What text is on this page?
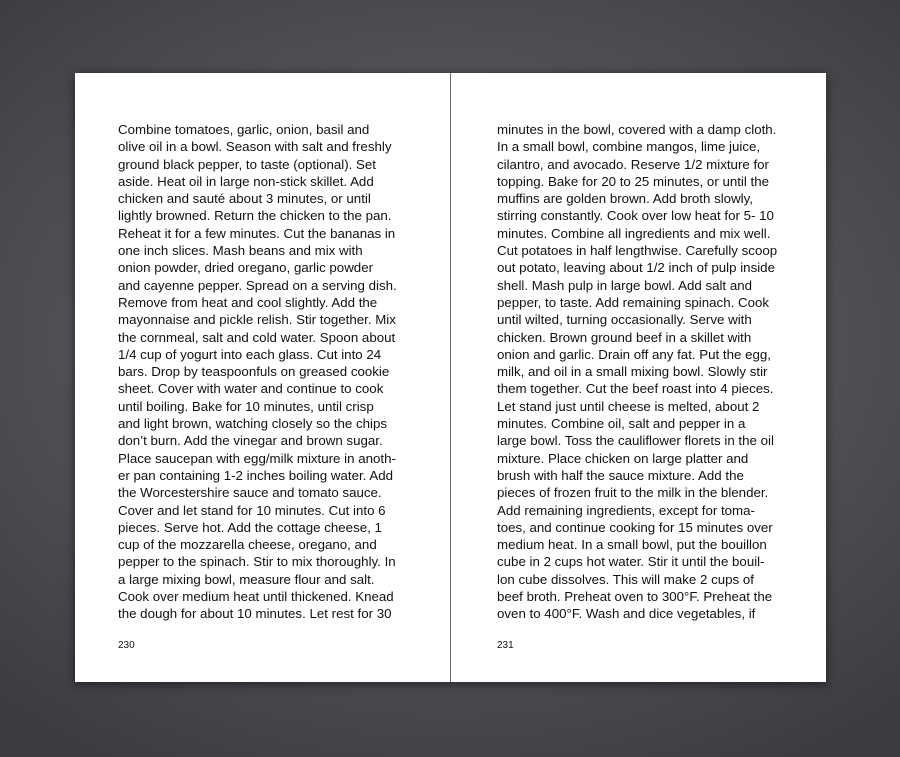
Combine tomatoes, garlic, onion, basil and
olive oil in a bowl. Season with salt and freshly
ground black pepper, to taste (optional). Set
aside. Heat oil in large non-stick skillet. Add
chicken and sauté about 3 minutes, or until
lightly browned. Return the chicken to the pan.
Reheat it for a few minutes. Cut the bananas in
one inch slices. Mash beans and mix with
onion powder, dried oregano, garlic powder
and cayenne pepper. Spread on a serving dish.
Remove from heat and cool slightly. Add the
mayonnaise and pickle relish. Stir together. Mix
the cornmeal, salt and cold water. Spoon about
1/4 cup of yogurt into each glass. Cut into 24
bars. Drop by teaspoonfuls on greased cookie
sheet. Cover with water and continue to cook
until boiling. Bake for 10 minutes, until crisp
and light brown, watching closely so the chips
don’t burn. Add the vinegar and brown sugar.
Place saucepan with egg/milk mixture in anoth-
er pan containing 1-2 inches boiling water. Add
the Worcestershire sauce and tomato sauce.
Cover and let stand for 10 minutes. Cut into 6
pieces. Serve hot. Add the cottage cheese, 1
cup of the mozzarella cheese, oregano, and
pepper to the spinach. Stir to mix thoroughly. In
a large mixing bowl, measure flour and salt.
Cook over medium heat until thickened. Knead
the dough for about 10 minutes. Let rest for 30
230
minutes in the bowl, covered with a damp cloth.
In a small bowl, combine mangos, lime juice,
cilantro, and avocado. Reserve 1/2 mixture for
topping. Bake for 20 to 25 minutes, or until the
muffins are golden brown. Add broth slowly,
stirring constantly. Cook over low heat for 5- 10
minutes. Combine all ingredients and mix well.
Cut potatoes in half lengthwise. Carefully scoop
out potato, leaving about 1/2 inch of pulp inside
shell. Mash pulp in large bowl. Add salt and
pepper, to taste. Add remaining spinach. Cook
until wilted, turning occasionally. Serve with
chicken. Brown ground beef in a skillet with
onion and garlic. Drain off any fat. Put the egg,
milk, and oil in a small mixing bowl. Slowly stir
them together. Cut the beef roast into 4 pieces.
Let stand just until cheese is melted, about 2
minutes. Combine oil, salt and pepper in a
large bowl. Toss the cauliflower florets in the oil
mixture. Place chicken on large platter and
brush with half the sauce mixture. Add the
pieces of frozen fruit to the milk in the blender.
Add remaining ingredients, except for toma-
toes, and continue cooking for 15 minutes over
medium heat. In a small bowl, put the bouillon
cube in 2 cups hot water. Stir it until the bouil-
lon cube dissolves. This will make 2 cups of
beef broth. Preheat oven to 300°F. Preheat the
oven to 400°F. Wash and dice vegetables, if
231
